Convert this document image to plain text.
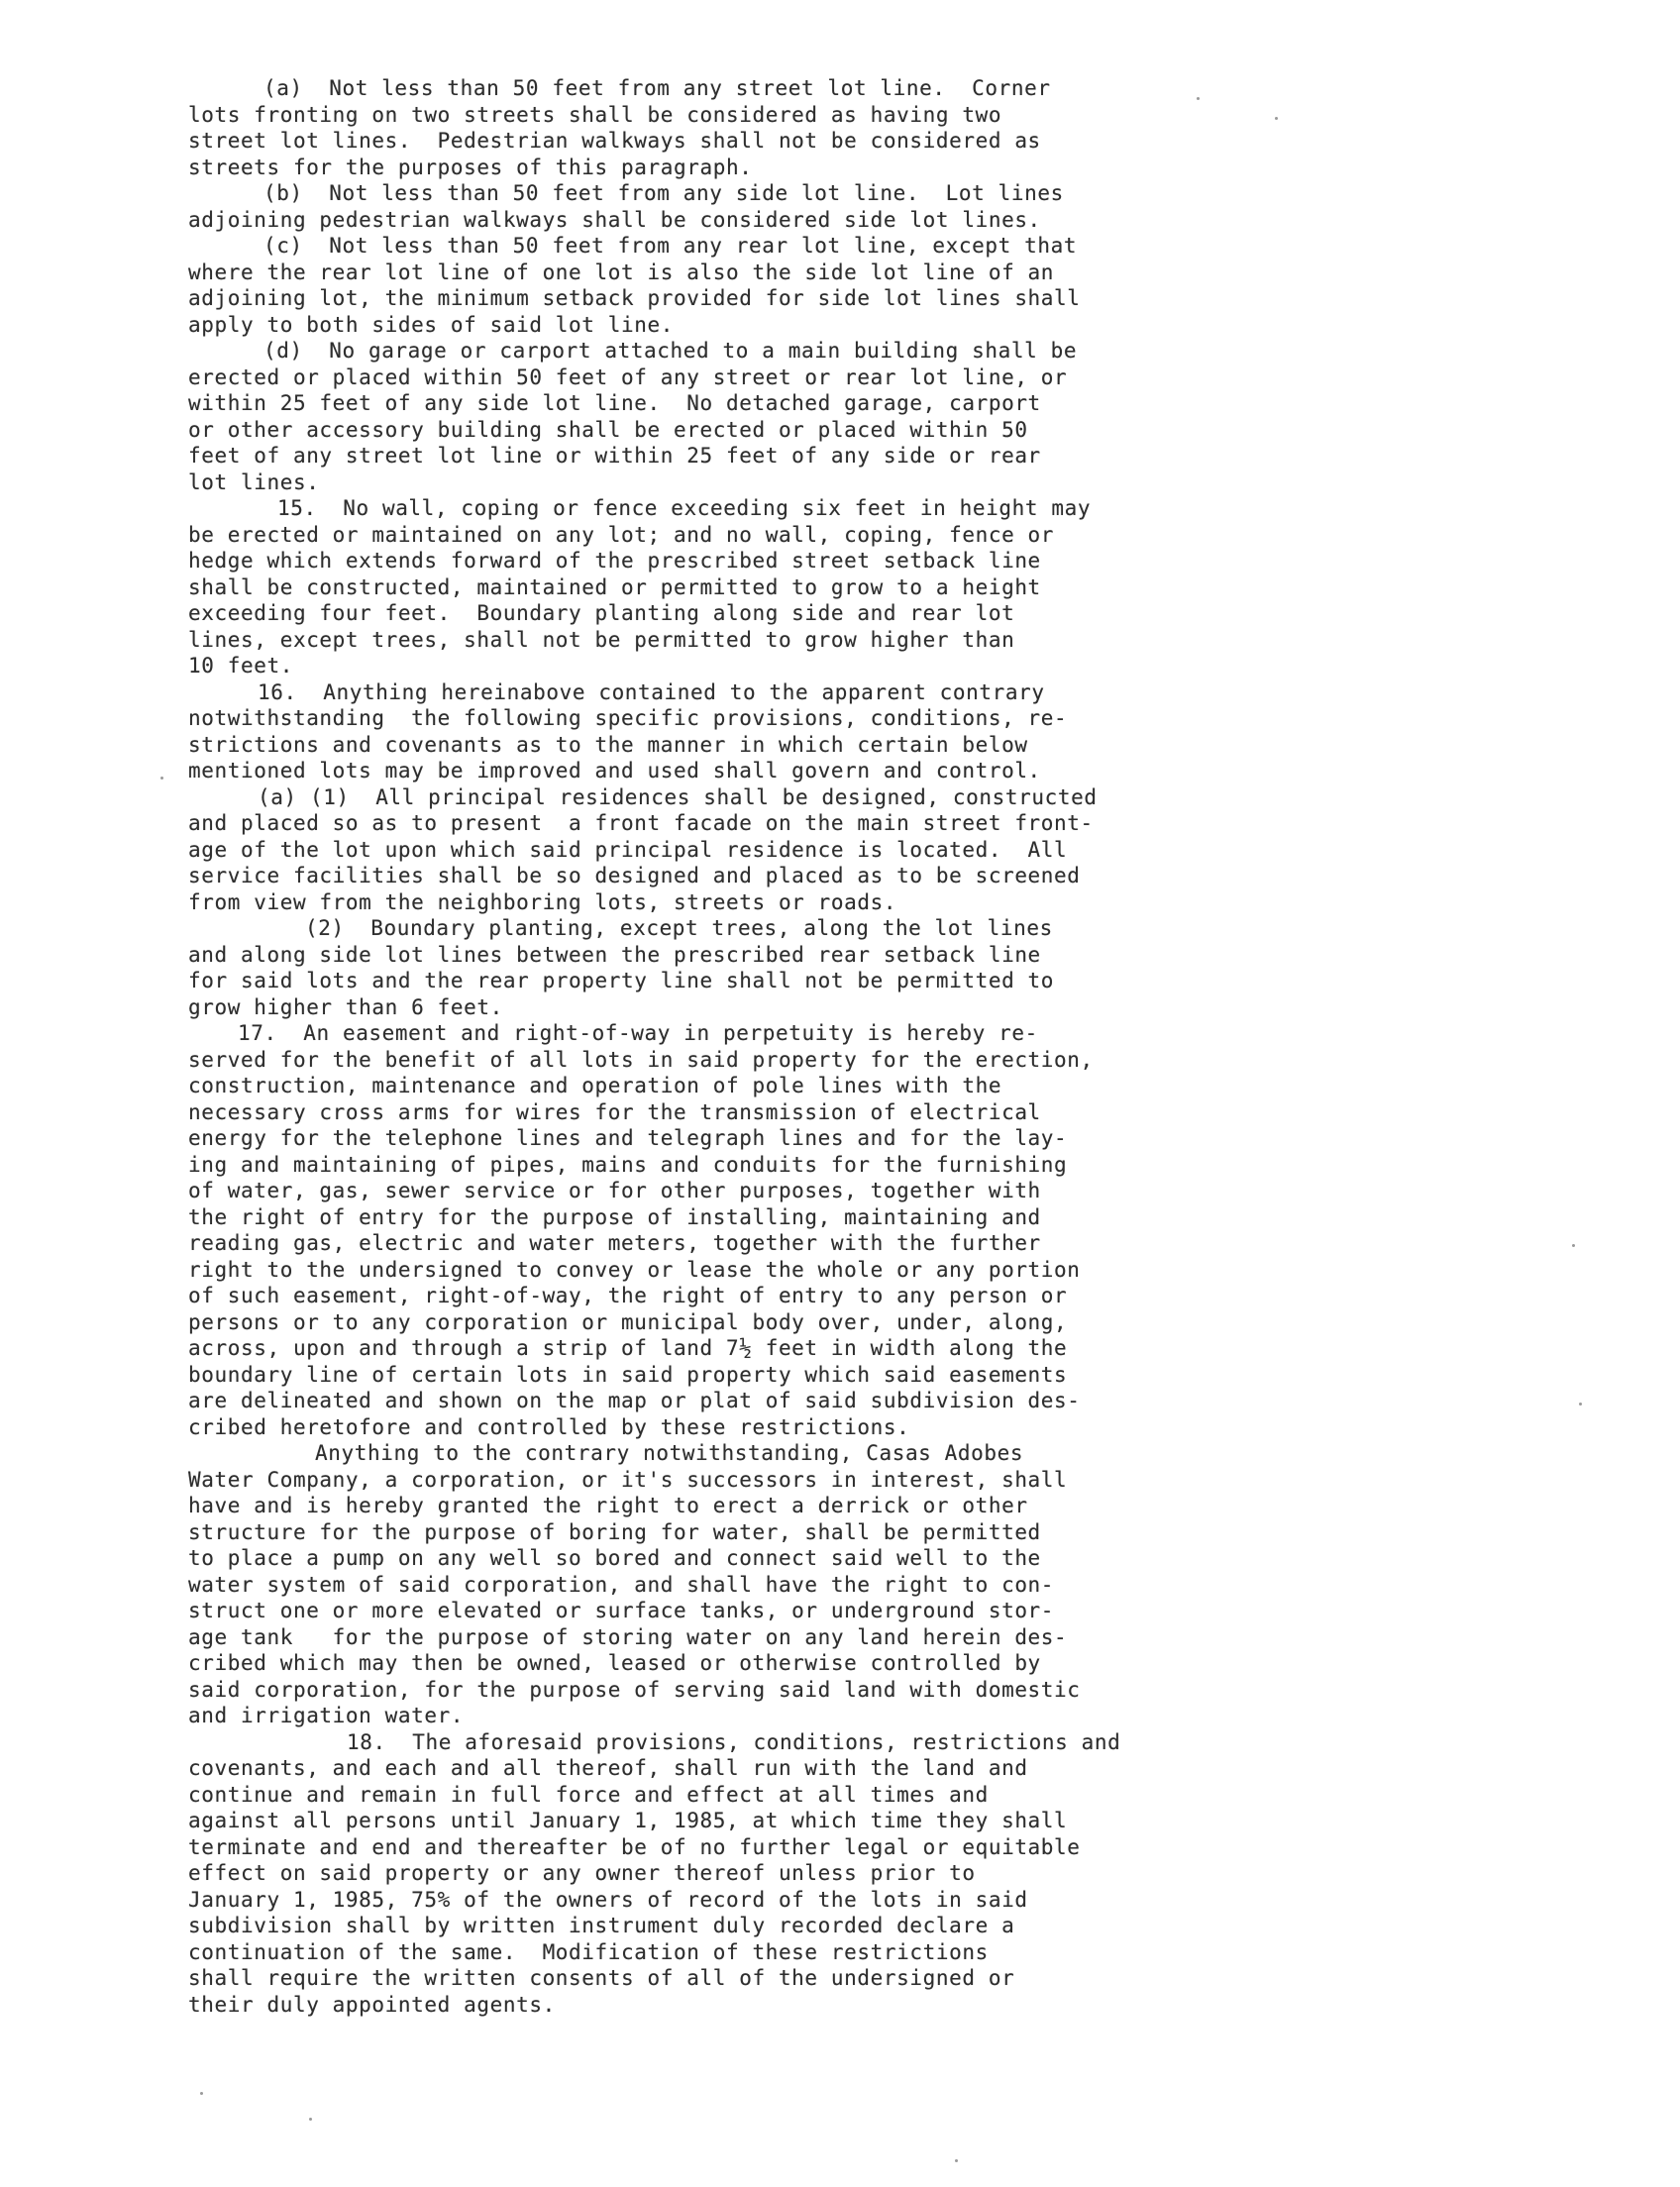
(a)  Not less than 50 feet from any street lot line.  Corner
lots fronting on two streets shall be considered as having two
street lot lines.  Pedestrian walkways shall not be considered as
streets for the purposes of this paragraph.
(b)  Not less than 50 feet from any side lot line.  Lot lines
adjoining pedestrian walkways shall be considered side lot lines.
(c)  Not less than 50 feet from any rear lot line, except that
where the rear lot line of one lot is also the side lot line of an
adjoining lot, the minimum setback provided for side lot lines shall
apply to both sides of said lot line.
(d)  No garage or carport attached to a main building shall be
erected or placed within 50 feet of any street or rear lot line, or
within 25 feet of any side lot line.  No detached garage, carport
or other accessory building shall be erected or placed within 50
feet of any street lot line or within 25 feet of any side or rear
lot lines.
15.  No wall, coping or fence exceeding six feet in height may
be erected or maintained on any lot; and no wall, coping, fence or
hedge which extends forward of the prescribed street setback line
shall be constructed, maintained or permitted to grow to a height
exceeding four feet.  Boundary planting along side and rear lot
lines, except trees, shall not be permitted to grow higher than
10 feet.
16.  Anything hereinabove contained to the apparent contrary
notwithstanding  the following specific provisions, conditions, re-
strictions and covenants as to the manner in which certain below
mentioned lots may be improved and used shall govern and control.
(a) (1)  All principal residences shall be designed, constructed
and placed so as to present  a front facade on the main street front-
age of the lot upon which said principal residence is located.  All
service facilities shall be so designed and placed as to be screened
from view from the neighboring lots, streets or roads.
(2)  Boundary planting, except trees, along the lot lines
and along side lot lines between the prescribed rear setback line
for said lots and the rear property line shall not be permitted to
grow higher than 6 feet.
17.  An easement and right-of-way in perpetuity is hereby re-
served for the benefit of all lots in said property for the erection,
construction, maintenance and operation of pole lines with the
necessary cross arms for wires for the transmission of electrical
energy for the telephone lines and telegraph lines and for the lay-
ing and maintaining of pipes, mains and conduits for the furnishing
of water, gas, sewer service or for other purposes, together with
the right of entry for the purpose of installing, maintaining and
reading gas, electric and water meters, together with the further
right to the undersigned to convey or lease the whole or any portion
of such easement, right-of-way, the right of entry to any person or
persons or to any corporation or municipal body over, under, along,
across, upon and through a strip of land 7½ feet in width along the
boundary line of certain lots in said property which said easements
are delineated and shown on the map or plat of said subdivision des-
cribed heretofore and controlled by these restrictions.
Anything to the contrary notwithstanding, Casas Adobes
Water Company, a corporation, or it's successors in interest, shall
have and is hereby granted the right to erect a derrick or other
structure for the purpose of boring for water, shall be permitted
to place a pump on any well so bored and connect said well to the
water system of said corporation, and shall have the right to con-
struct one or more elevated or surface tanks, or underground stor-
age tank   for the purpose of storing water on any land herein des-
cribed which may then be owned, leased or otherwise controlled by
said corporation, for the purpose of serving said land with domestic
and irrigation water.
18.  The aforesaid provisions, conditions, restrictions and
covenants, and each and all thereof, shall run with the land and
continue and remain in full force and effect at all times and
against all persons until January 1, 1985, at which time they shall
terminate and end and thereafter be of no further legal or equitable
effect on said property or any owner thereof unless prior to
January 1, 1985, 75% of the owners of record of the lots in said
subdivision shall by written instrument duly recorded declare a
continuation of the same.  Modification of these restrictions
shall require the written consents of all of the undersigned or
their duly appointed agents.
